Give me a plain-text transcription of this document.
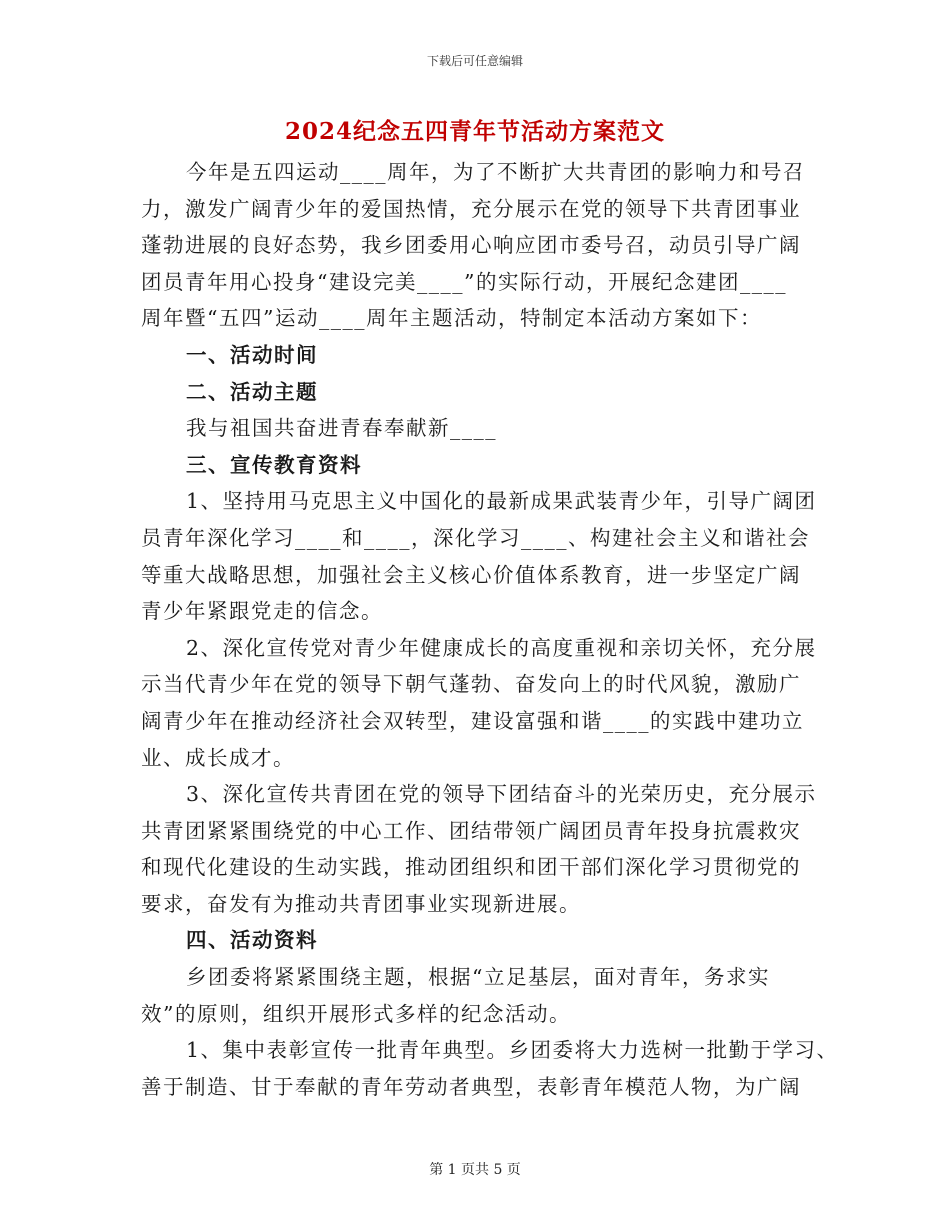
下载后可任意编辑
2024纪念五四青年节活动方案范文
今年是五四运动____周年，为了不断扩大共青团的影响力和号召
力，激发广阔青少年的爱国热情，充分展示在党的领导下共青团事业
蓬勃进展的良好态势，我乡团委用心响应团市委号召，动员引导广阔
团员青年用心投身“建设完美____”的实际行动，开展纪念建团____
周年暨“五四”运动____周年主题活动，特制定本活动方案如下：
一、活动时间
二、活动主题
我与祖国共奋进青春奉献新____
三、宣传教育资料
1、坚持用马克思主义中国化的最新成果武装青少年，引导广阔团
员青年深化学习____和____，深化学习____、构建社会主义和谐社会
等重大战略思想，加强社会主义核心价值体系教育，进一步坚定广阔
青少年紧跟党走的信念。
2、深化宣传党对青少年健康成长的高度重视和亲切关怀，充分展
示当代青少年在党的领导下朝气蓬勃、奋发向上的时代风貌，激励广
阔青少年在推动经济社会双转型，建设富强和谐____的实践中建功立
业、成长成才。
3、深化宣传共青团在党的领导下团结奋斗的光荣历史，充分展示
共青团紧紧围绕党的中心工作、团结带领广阔团员青年投身抗震救灾
和现代化建设的生动实践，推动团组织和团干部们深化学习贯彻党的
要求，奋发有为推动共青团事业实现新进展。
四、活动资料
乡团委将紧紧围绕主题，根据“立足基层，面对青年，务求实
效”的原则，组织开展形式多样的纪念活动。
1、集中表彰宣传一批青年典型。乡团委将大力选树一批勤于学习、
善于制造、甘于奉献的青年劳动者典型，表彰青年模范人物，为广阔
第 1 页共 5 页
